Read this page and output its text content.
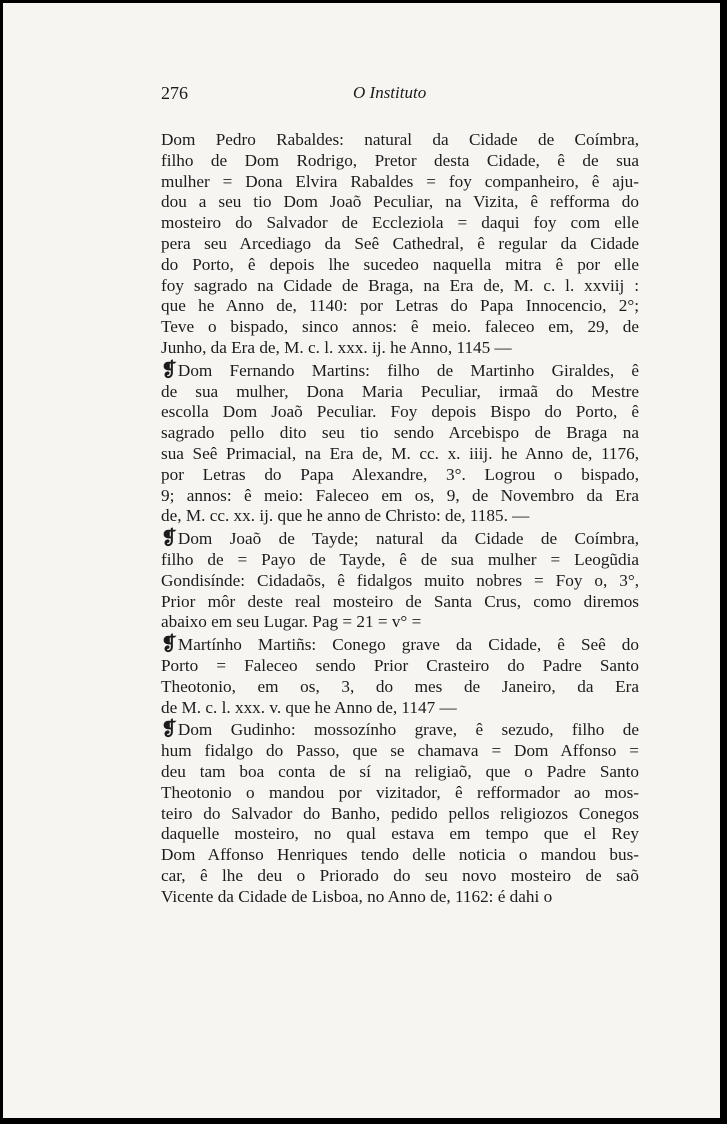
276	O Instituto
Dom Pedro Rabaldes: natural da Cidade de Coímbra,
filho de Dom Rodrigo, Pretor desta Cidade, ê de sua
mulher = Dona Elvira Rabaldes = foy companheiro, ê aju-
dou a seu tio Dom Joaõ Peculiar, na Vizita, ê refforma do
mosteiro do Salvador de Eccleziola = daqui foy com elle
pera seu Arcediago da Seê Cathedral, ê regular da Cidade
do Porto, ê depois lhe sucedeo naquella mitra ê por elle
foy sagrado na Cidade de Braga, na Era de, M. c. l. xxviij :
que he Anno de, 1140: por Letras do Papa Innocencio, 2°;
Teve o bispado, sinco annos: ê meio. faleceo em, 29, de
Junho, da Era de, M. c. l. xxx. ij. he Anno, 1145 —
❡ Dom Fernando Martins: filho de Martinho Giraldes, ê
de sua mulher, Dona Maria Peculiar, irmaã do Mestre
escolla Dom Joaõ Peculiar. Foy depois Bispo do Porto, ê
sagrado pello dito seu tio sendo Arcebispo de Braga na
sua Seê Primacial, na Era de, M. cc. x. iiij. he Anno de, 1176,
por Letras do Papa Alexandre, 3°. Logrou o bispado,
9; annos: ê meio: Faleceo em os, 9, de Novembro da Era
de, M. cc. xx. ij. que he anno de Christo: de, 1185. —
❡ Dom Joaõ de Tayde; natural da Cidade de Coímbra,
filho de = Payo de Tayde, ê de sua mulher = Leogũdia
Gondisínde: Cidadaõs, ê fidalgos muito nobres = Foy o, 3°,
Prior môr deste real mosteiro de Santa Crus, como diremos
abaixo em seu Lugar. Pag = 21 = v° =
❡ Martínho Martiñs: Conego grave da Cidade, ê Seê do
Porto = Faleceo sendo Prior Crasteiro do Padre Santo
Theotonio, em os, 3, do mes de Janeiro, da Era
de M. c. l. xxx. v. que he Anno de, 1147 —
❡ Dom Gudinho: mossozínho grave, ê sezudo, filho de
hum fidalgo do Passo, que se chamava = Dom Affonso =
deu tam boa conta de sí na religiaõ, que o Padre Santo
Theotonio o mandou por vizitador, ê refformador ao mos-
teiro do Salvador do Banho, pedido pellos religiozos Conegos
daquelle mosteiro, no qual estava em tempo que el Rey
Dom Affonso Henriques tendo delle noticia o mandou bus-
car, ê lhe deu o Priorado do seu novo mosteiro de saõ
Vicente da Cidade de Lisboa, no Anno de, 1162: é dahi o
